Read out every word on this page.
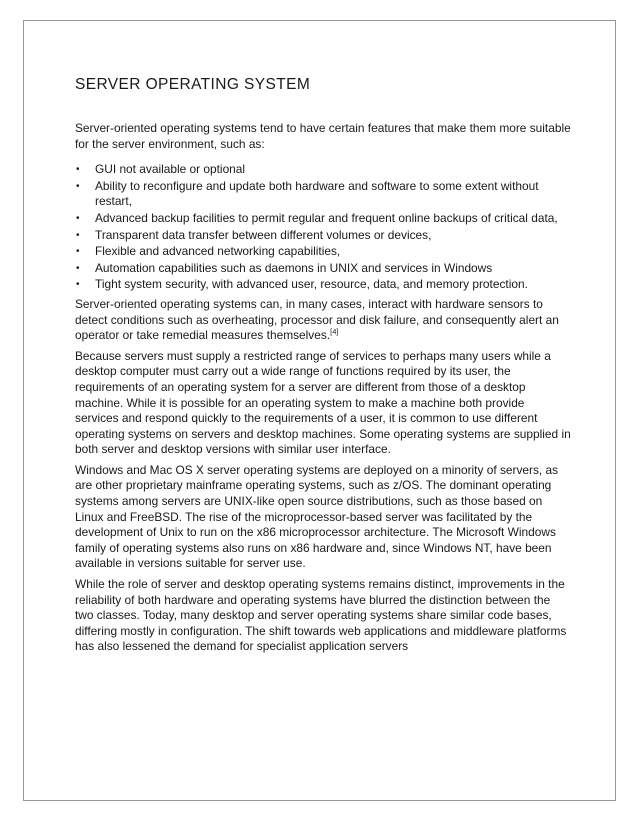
SERVER OPERATING SYSTEM

Server-oriented operating systems tend to have certain features that make them more suitable for the server environment, such as:

• GUI not available or optional
• Ability to reconfigure and update both hardware and software to some extent without restart,
• Advanced backup facilities to permit regular and frequent online backups of critical data,
• Transparent data transfer between different volumes or devices,
• Flexible and advanced networking capabilities,
• Automation capabilities such as daemons in UNIX and services in Windows
• Tight system security, with advanced user, resource, data, and memory protection.

Server-oriented operating systems can, in many cases, interact with hardware sensors to detect conditions such as overheating, processor and disk failure, and consequently alert an operator or take remedial measures themselves.[4]

Because servers must supply a restricted range of services to perhaps many users while a desktop computer must carry out a wide range of functions required by its user, the requirements of an operating system for a server are different from those of a desktop machine. While it is possible for an operating system to make a machine both provide services and respond quickly to the requirements of a user, it is common to use different operating systems on servers and desktop machines. Some operating systems are supplied in both server and desktop versions with similar user interface.

Windows and Mac OS X server operating systems are deployed on a minority of servers, as are other proprietary mainframe operating systems, such as z/OS. The dominant operating systems among servers are UNIX-like open source distributions, such as those based on Linux and FreeBSD. The rise of the microprocessor-based server was facilitated by the development of Unix to run on the x86 microprocessor architecture. The Microsoft Windows family of operating systems also runs on x86 hardware and, since Windows NT, have been available in versions suitable for server use.

While the role of server and desktop operating systems remains distinct, improvements in the reliability of both hardware and operating systems have blurred the distinction between the two classes. Today, many desktop and server operating systems share similar code bases, differing mostly in configuration. The shift towards web applications and middleware platforms has also lessened the demand for specialist application servers
